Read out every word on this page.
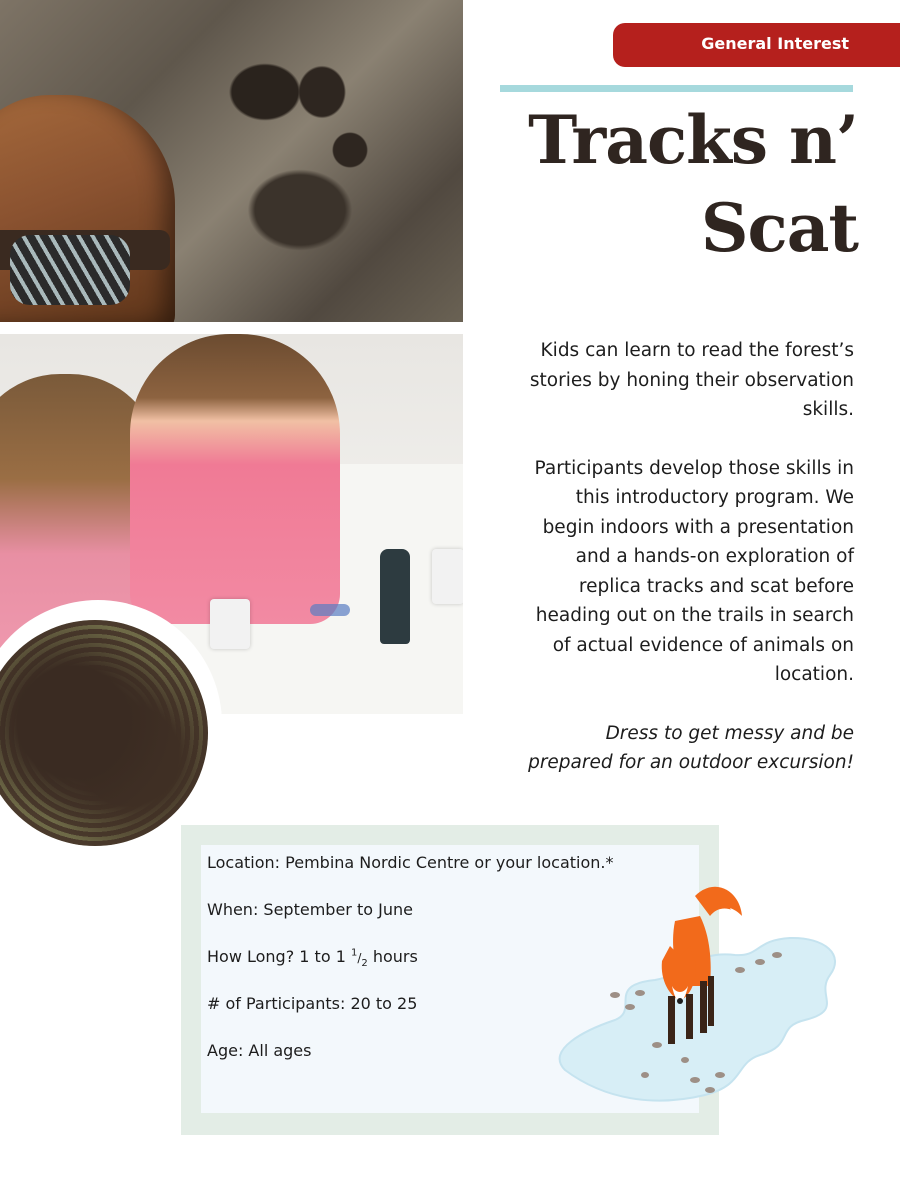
General Interest
Tracks n’
Scat

Kids can learn to read the forest’s stories by honing their observation skills.

Participants develop those skills in this introductory program. We begin indoors with a presentation and a hands-on exploration of replica tracks and scat before heading out on the trails in search of actual evidence of animals on location.

Dress to get messy and be prepared for an outdoor excursion!

Location: Pembina Nordic Centre or your location.*
When: September to June
How Long? 1 to 1 $^1/_2$ hours
# of Participants: 20 to 25
Age: All ages
